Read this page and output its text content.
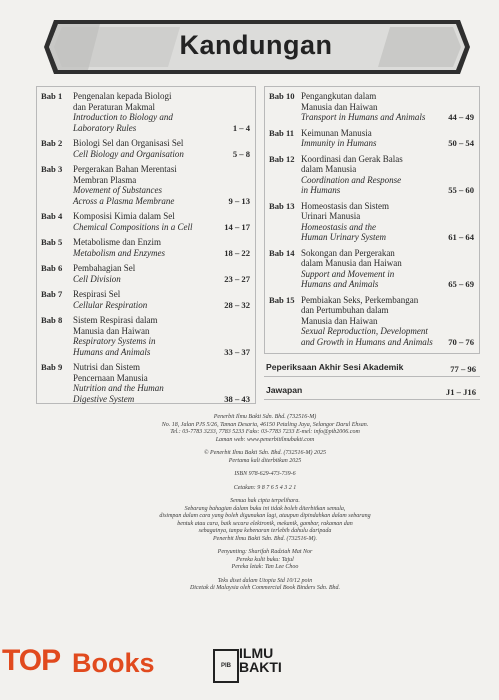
Kandungan
Bab 1 Pengenalan kepada Biologi
dan Peraturan Makmal
Introduction to Biology and
Laboratory Rules	1 – 4
Bab 2 Biologi Sel dan Organisasi Sel
Cell Biology and Organisation	5 – 8
Bab 3 Pergerakan Bahan Merentasi
Membran Plasma
Movement of Substances
Across a Plasma Membrane	9 – 13
Bab 4 Komposisi Kimia dalam Sel
Chemical Compositions in a Cell	14 – 17
Bab 5 Metabolisme dan Enzim
Metabolism and Enzymes	18 – 22
Bab 6 Pembahagian Sel
Cell Division	23 – 27
Bab 7 Respirasi Sel
Cellular Respiration	28 – 32
Bab 8 Sistem Respirasi dalam
Manusia dan Haiwan
Respiratory Systems in
Humans and Animals	33 – 37
Bab 9 Nutrisi dan Sistem
Pencernaan Manusia
Nutrition and the Human
Digestive System	38 – 43
Bab 10 Pengangkutan dalam
Manusia dan Haiwan
Transport in Humans and Animals	44 – 49
Bab 11 Keimunan Manusia
Immunity in Humans	50 – 54
Bab 12 Koordinasi dan Gerak Balas
dalam Manusia
Coordination and Response
in Humans	55 – 60
Bab 13 Homeostasis dan Sistem
Urinari Manusia
Homeostasis and the
Human Urinary System	61 – 64
Bab 14 Sokongan dan Pergerakan
dalam Manusia dan Haiwan
Support and Movement in
Humans and Animals	65 – 69
Bab 15 Pembiakan Seks, Perkembangan
dan Pertumbuhan dalam
Manusia dan Haiwan
Sexual Reproduction, Development
and Growth in Humans and Animals	70 – 76
Peperiksaan Akhir Sesi Akademik	77 – 96
Jawapan	J1 – J16
Penerbit Ilmu Bakti Sdn. Bhd. (732516-M)
No. 18, Jalan PJS 5/26, Taman Desaria, 46150 Petaling Jaya, Selangor Darul Ehsan.
Tel.: 03-7783 3233, 7783 5233 Faks: 03-7783 7233 E-mel: info@pib2006.com
Laman web: www.penerbitilmubakti.com
© Penerbit Ilmu Bakti Sdn. Bhd. (732516-M) 2025
Pertama kali diterbitkan 2025
ISBN 978-629-473-739-6
Cetakan: 9 8 7 6 5 4 3 2 1
Semua hak cipta terpelihara.
Sebarang bahagian dalam buku ini tidak boleh diterbitkan semula,
disimpan dalam cara yang boleh digunakan lagi, ataupun dipindahkan dalam sebarang
bentuk atau cara, baik secara elektronik, mekanik, gambar, rakaman dan
sebagainya, tanpa kebenaran terlebih dahulu daripada
Penerbit Ilmu Bakti Sdn. Bhd. (732516-M).
Penyunting: Sharifah Radziah Mat Nor
Pereka kulit buku: Tajul
Pereka letak: Tan Lee Choo
Teks diset dalam Utopia Std 10/12 poin
Dicetak di Malaysia oleh Commercial Book Binders Sdn. Bhd.
TOP Books	PIB
ILMU
BAKTI
